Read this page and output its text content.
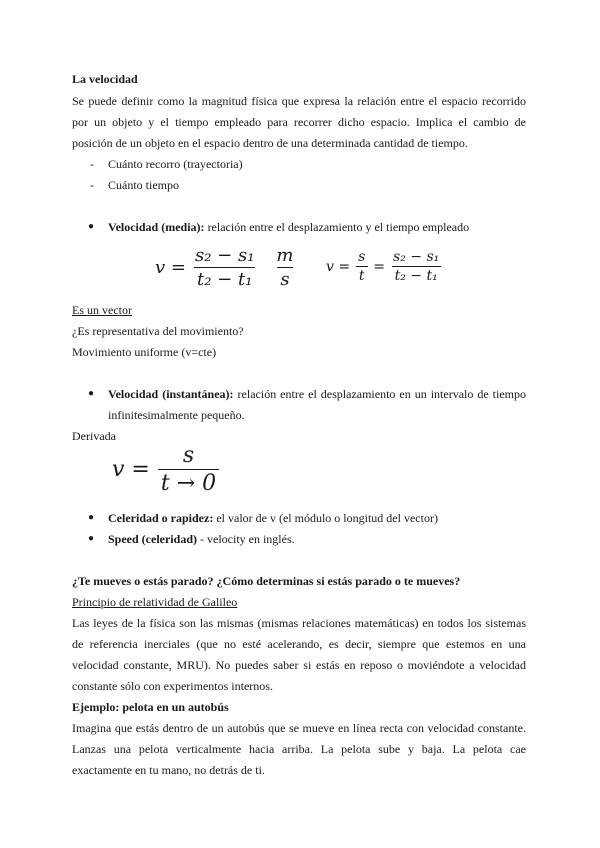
La velocidad
Se puede definir como la magnitud física que expresa la relación entre el espacio recorrido
por un objeto y el tiempo empleado para recorrer dicho espacio. Implica el cambio de
posición de un objeto en el espacio dentro de una determinada cantidad de tiempo.
- Cuánto recorro (trayectoria)
- Cuánto tiempo
● Velocidad (media): relación entre el desplazamiento y el tiempo empleado
$v = \frac{\text{s₂ − s₁}}{\text{t₂ − t₁}} \frac{m}{s}$ $v = \frac{s}{t} = \frac{\text{s₂ − s₁}}{\text{t₂ − t₁}}$
Es un vector
¿Es representativa del movimiento?
Movimiento uniforme (v=cte)
● Velocidad (instantánea): relación entre el desplazamiento en un intervalo de tiempo
infinitesimalmente pequeño.
Derivada
$v = \frac{s}{t \to 0}$
● Celeridad o rapidez: el valor de v (el módulo o longitud del vector)
● Speed (celeridad) - velocity en inglés.
¿Te mueves o estás parado? ¿Cómo determinas si estás parado o te mueves?
Principio de relatividad de Galileo
Las leyes de la física son las mismas (mismas relaciones matemáticas) en todos los sistemas
de referencia inerciales (que no esté acelerando, es decir, siempre que estemos en una
velocidad constante, MRU). No puedes saber si estás en reposo o moviéndote a velocidad
constante sólo con experimentos internos.
Ejemplo: pelota en un autobús
Imagina que estás dentro de un autobús que se mueve en línea recta con velocidad constante.
Lanzas una pelota verticalmente hacia arriba. La pelota sube y baja. La pelota cae
exactamente en tu mano, no detrás de ti.
